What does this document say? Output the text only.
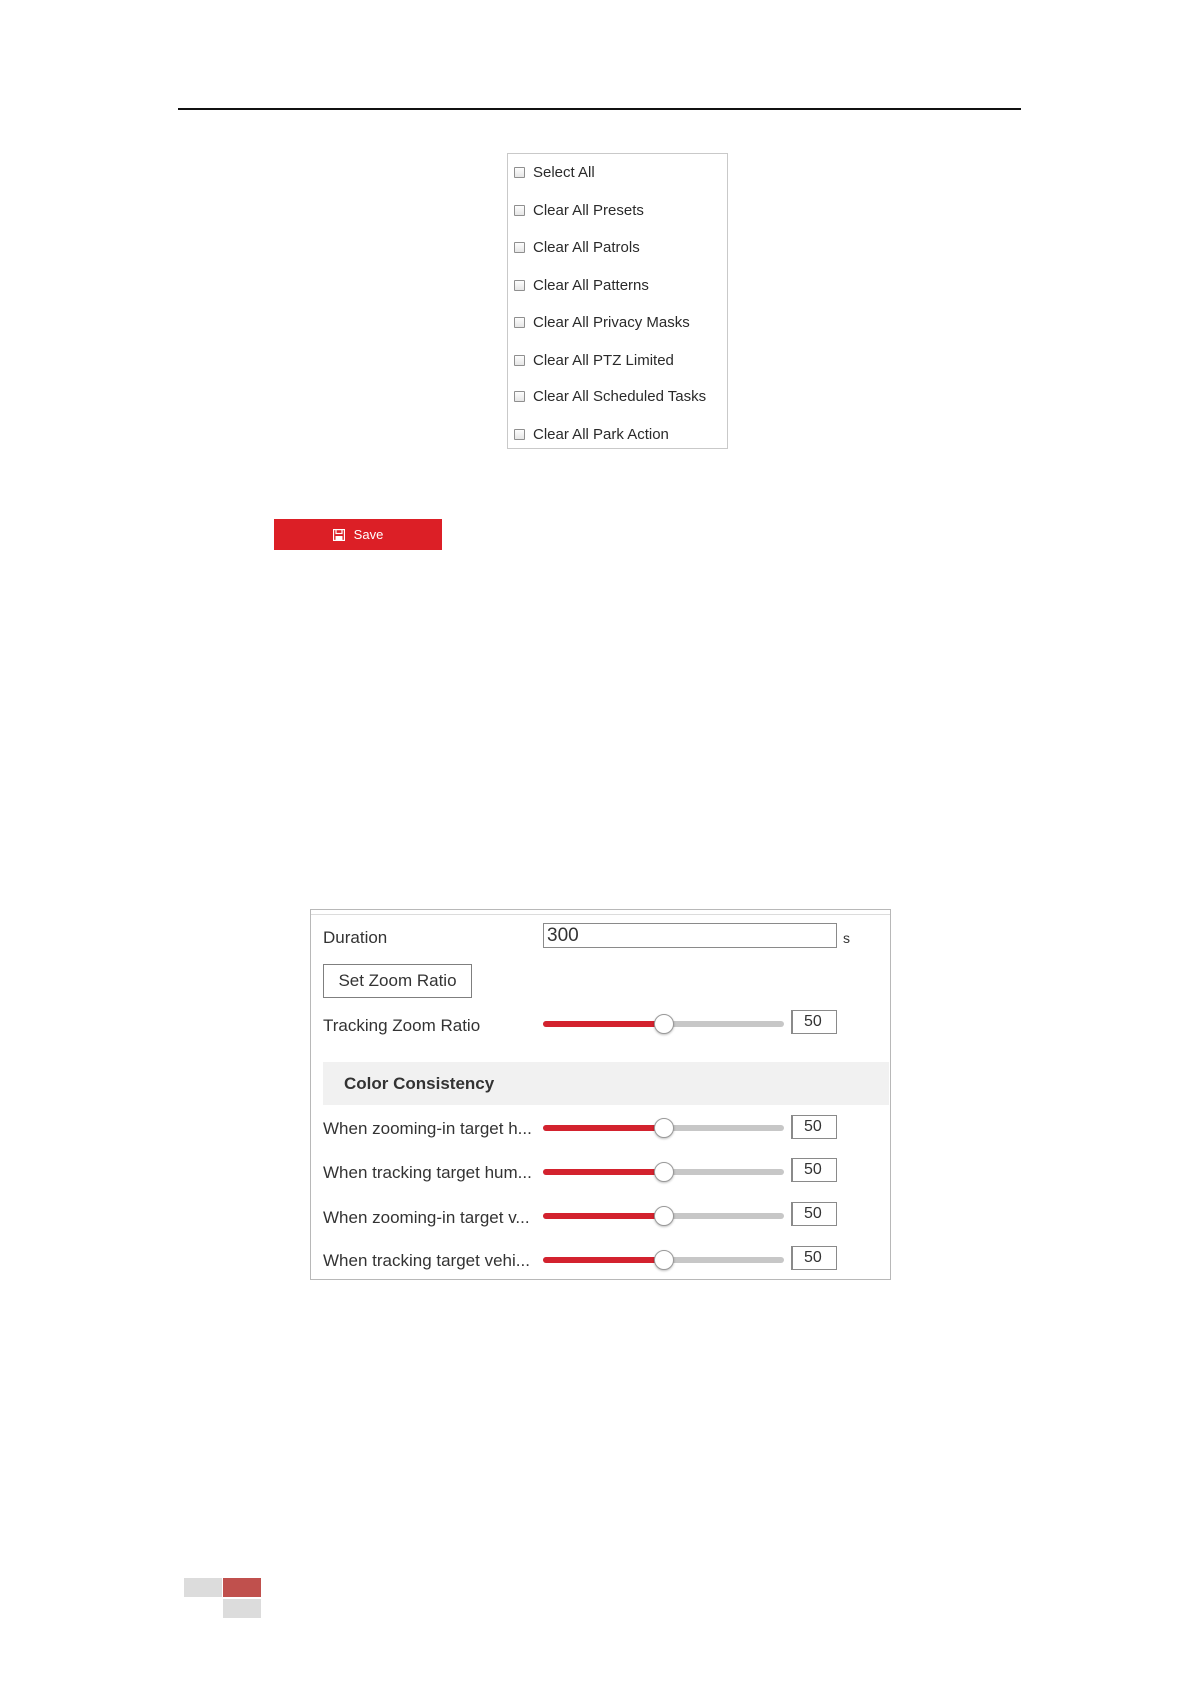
Select All
Clear All Presets
Clear All Patrols
Clear All Patterns
Clear All Privacy Masks
Clear All PTZ Limited
Clear All Scheduled Tasks
Clear All Park Action
Save
Duration	300	s
Set Zoom Ratio
Tracking Zoom Ratio	50
Color Consistency
When zooming-in target h...	50
When tracking target hum...	50
When zooming-in target v...	50
When tracking target vehi...	50
